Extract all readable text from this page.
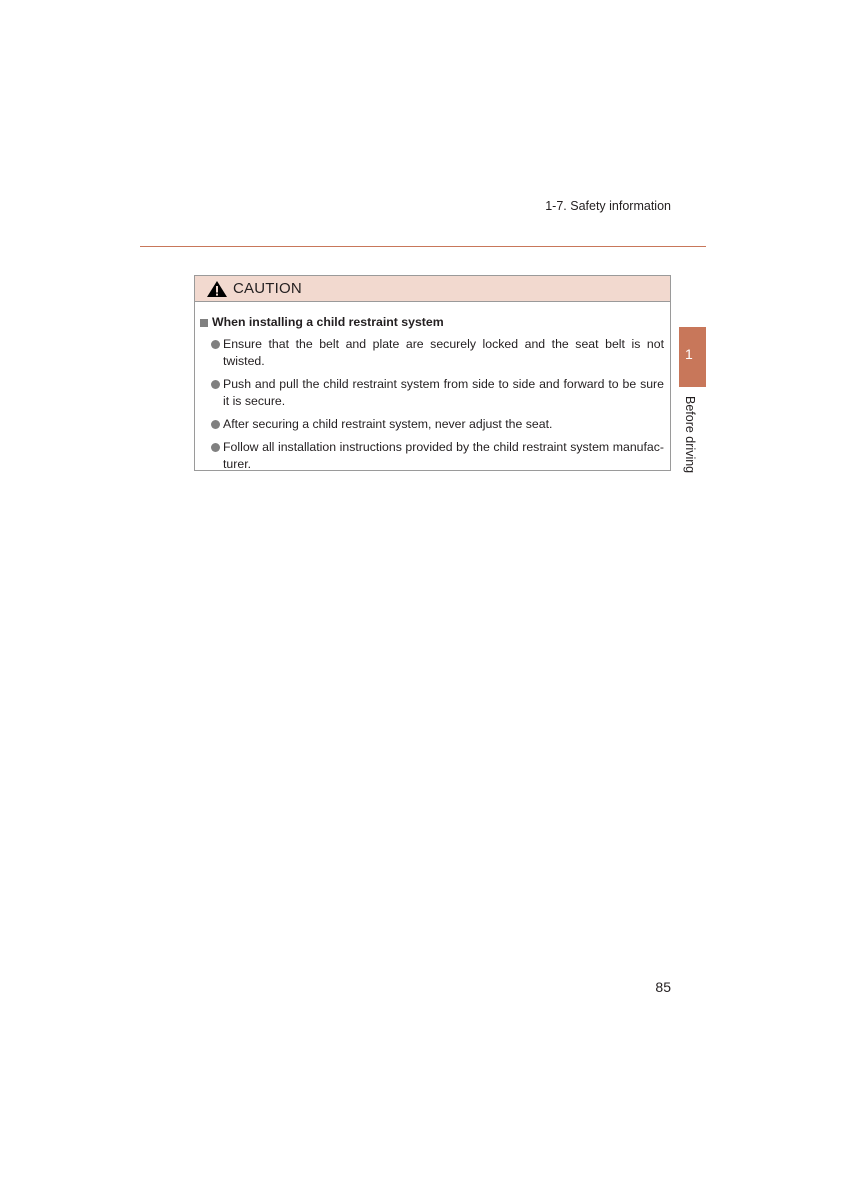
1-7. Safety information
CAUTION
When installing a child restraint system
Ensure that the belt and plate are securely locked and the seat belt is not twisted.
Push and pull the child restraint system from side to side and forward to be sure it is secure.
After securing a child restraint system, never adjust the seat.
Follow all installation instructions provided by the child restraint system manufac- turer.
1
Before driving
85
